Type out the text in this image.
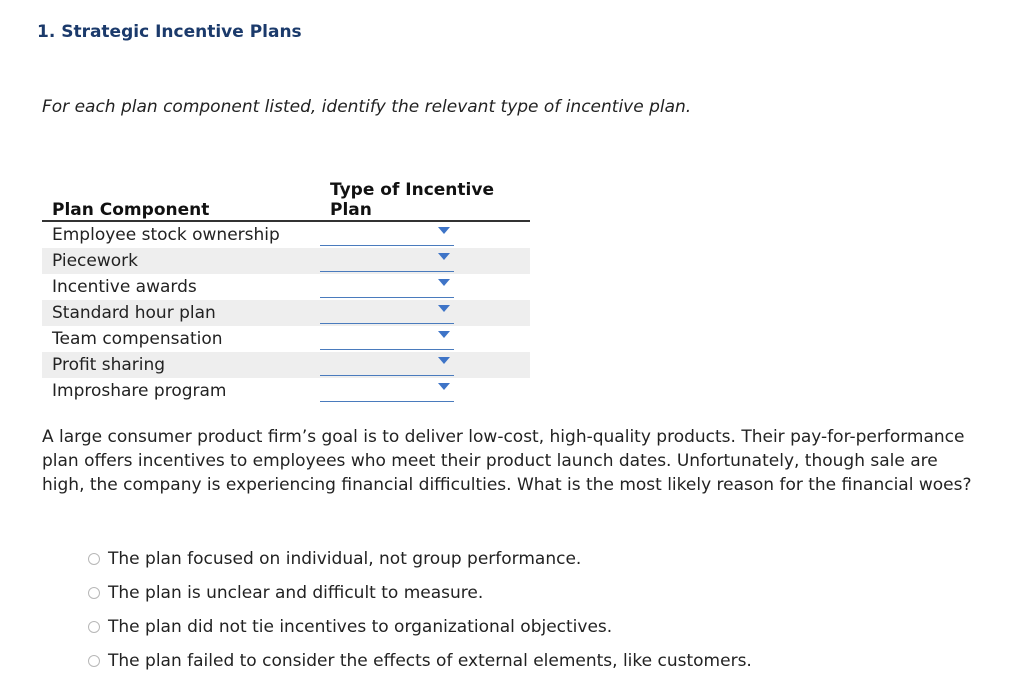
1. Strategic Incentive Plans

For each plan component listed, identify the relevant type of incentive plan.

Plan Component	Type of Incentive Plan
Employee stock ownership	

Piecework	

Incentive awards	

Standard hour plan	

Team compensation	

Profit sharing	

Improshare program	

A large consumer product firm’s goal is to deliver low-cost, high-quality products. Their pay-for-performance plan offers incentives to employees who meet their product launch dates. Unfortunately, though sale are high, the company is experiencing financial difficulties. What is the most likely reason for the financial woes?

The plan focused on individual, not group performance.
The plan is unclear and difficult to measure.
The plan did not tie incentives to organizational objectives.
The plan failed to consider the effects of external elements, like customers.
